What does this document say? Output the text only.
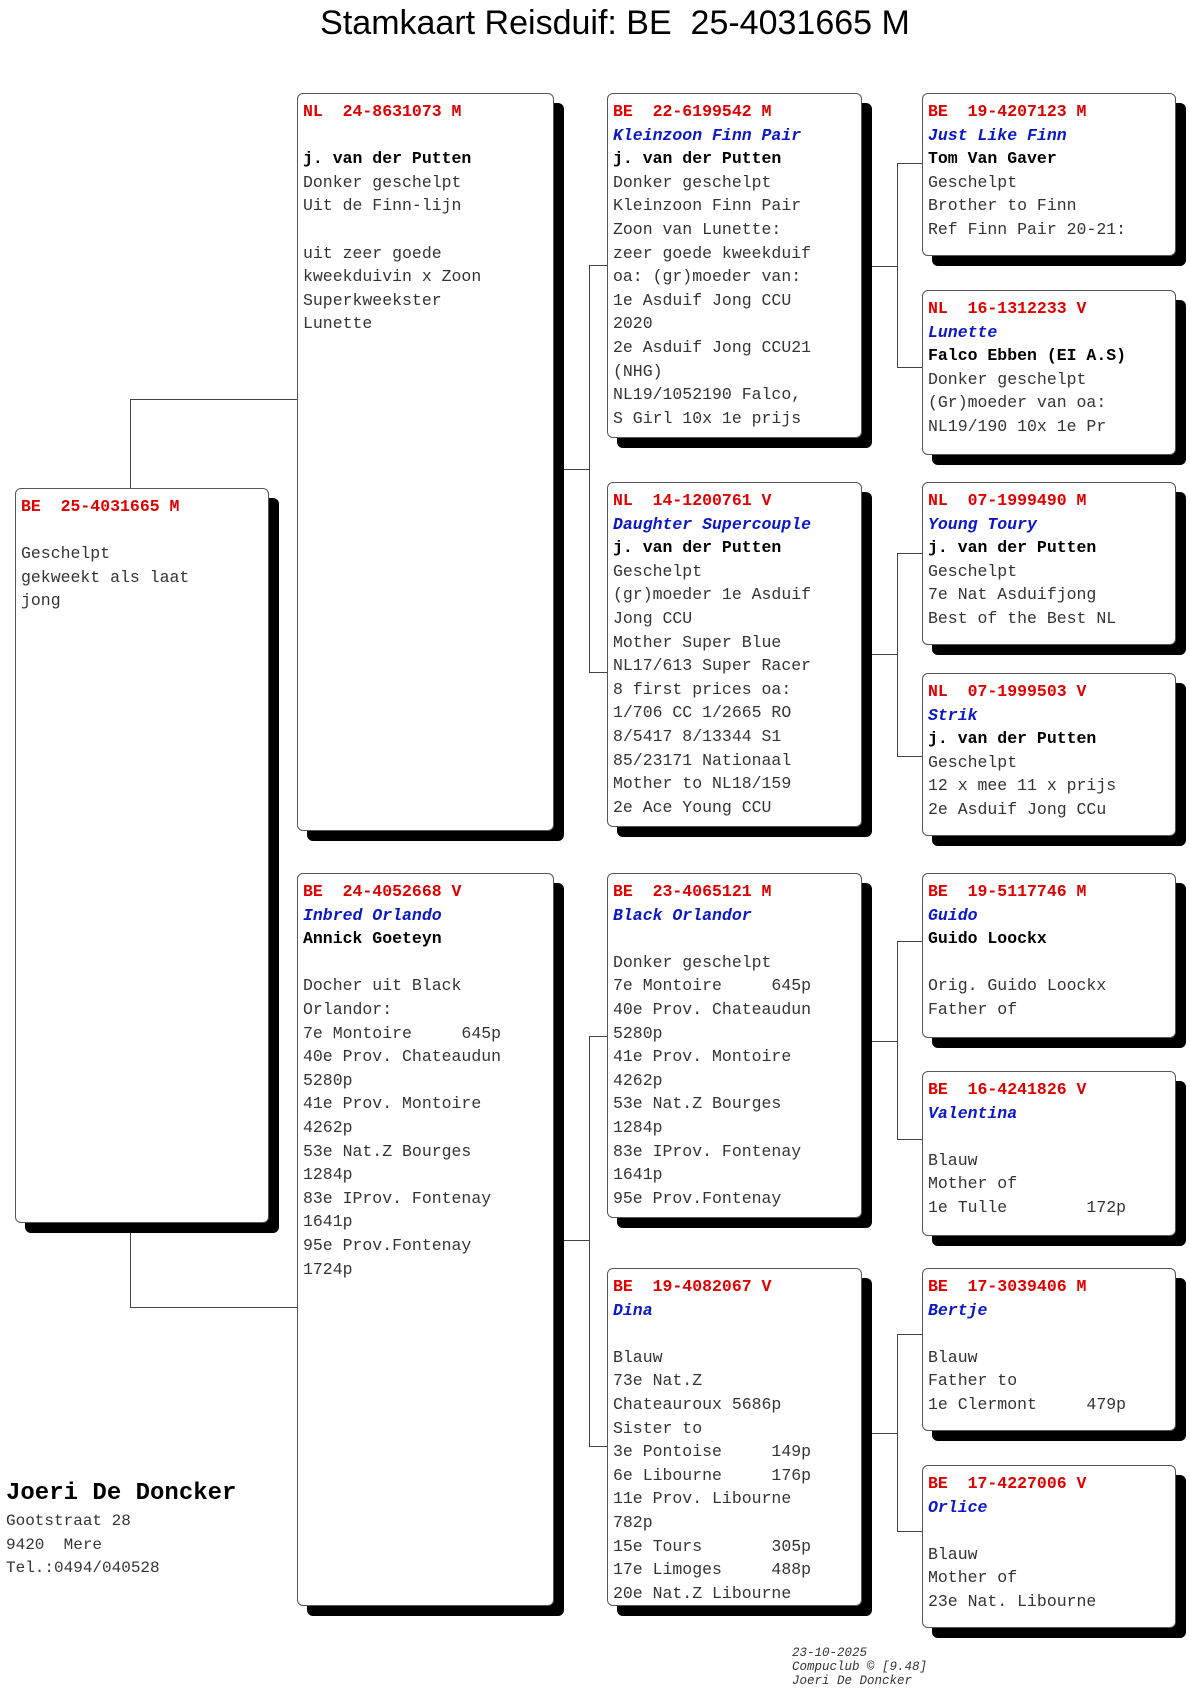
Stamkaart Reisduif: BE  25-4031665 M
BE  25-4031665 M
Geschelpt
gekweekt als laat
jong
NL  24-8631073 M
j. van der Putten
Donker geschelpt
Uit de Finn-lijn
uit zeer goede
kweekduivin x Zoon
Superkweekster
Lunette
BE  24-4052668 V
Inbred Orlando
Annick Goeteyn
Docher uit Black
Orlandor:
7e Montoire     645p
40e Prov. Chateaudun
5280p
41e Prov. Montoire
4262p
53e Nat.Z Bourges
1284p
83e IProv. Fontenay
1641p
95e Prov.Fontenay
1724p
BE  22-6199542 M
Kleinzoon Finn Pair
j. van der Putten
Donker geschelpt
Kleinzoon Finn Pair
Zoon van Lunette:
zeer goede kweekduif
oa: (gr)moeder van:
1e Asduif Jong CCU
2020
2e Asduif Jong CCU21
(NHG)
NL19/1052190 Falco,
S Girl 10x 1e prijs
NL  14-1200761 V
Daughter Supercouple
j. van der Putten
Geschelpt
(gr)moeder 1e Asduif
Jong CCU
Mother Super Blue
NL17/613 Super Racer
8 first prices oa:
1/706 CC 1/2665 RO
8/5417 8/13344 S1
85/23171 Nationaal
Mother to NL18/159
2e Ace Young CCU
BE  23-4065121 M
Black Orlandor
Donker geschelpt
7e Montoire     645p
40e Prov. Chateaudun
5280p
41e Prov. Montoire
4262p
53e Nat.Z Bourges
1284p
83e IProv. Fontenay
1641p
95e Prov.Fontenay
BE  19-4082067 V
Dina
Blauw
73e Nat.Z
Chateauroux 5686p
Sister to
3e Pontoise     149p
6e Libourne     176p
11e Prov. Libourne
782p
15e Tours       305p
17e Limoges     488p
20e Nat.Z Libourne
BE  19-4207123 M
Just Like Finn
Tom Van Gaver
Geschelpt
Brother to Finn
Ref Finn Pair 20-21:
NL  16-1312233 V
Lunette
Falco Ebben (EI A.S)
Donker geschelpt
(Gr)moeder van oa:
NL19/190 10x 1e Pr
NL  07-1999490 M
Young Toury
j. van der Putten
Geschelpt
7e Nat Asduifjong
Best of the Best NL
NL  07-1999503 V
Strik
j. van der Putten
Geschelpt
12 x mee 11 x prijs
2e Asduif Jong CCu
BE  19-5117746 M
Guido
Guido Loockx
Orig. Guido Loockx
Father of
BE  16-4241826 V
Valentina
Blauw
Mother of
1e Tulle        172p
BE  17-3039406 M
Bertje
Blauw
Father to
1e Clermont     479p
BE  17-4227006 V
Orlice
Blauw
Mother of
23e Nat. Libourne
Joeri De Doncker
Gootstraat 28
9420  Mere
Tel.:0494/040528

23-10-2025
Compuclub © [9.48]
Joeri De Doncker
